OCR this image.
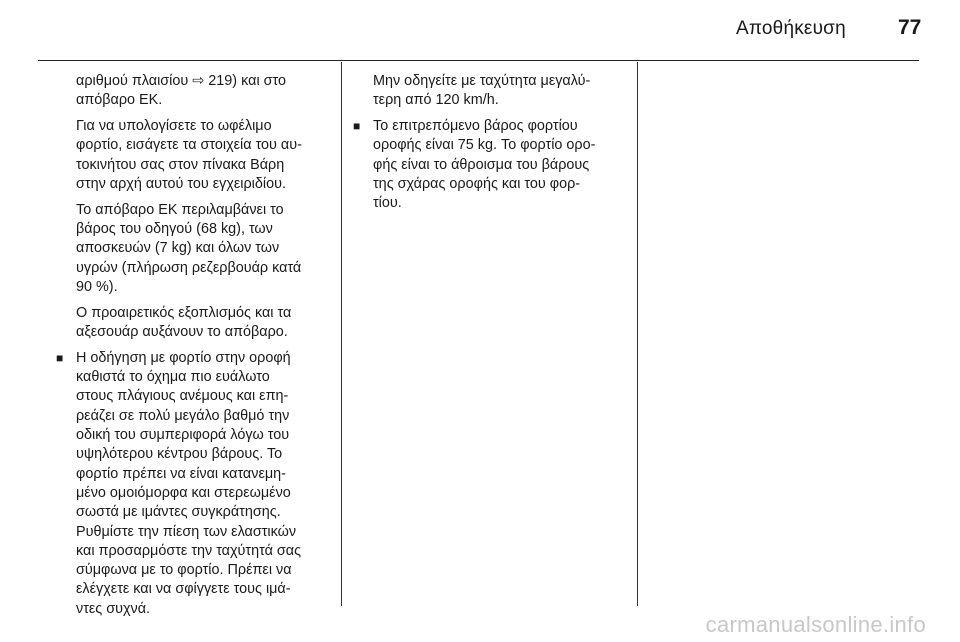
Αποθήκευση 77

αριθμού πλαισίου ⇨ 219) και στο
απόβαρο ΕΚ.

Για να υπολογίσετε το ωφέλιμο
φορτίο, εισάγετε τα στοιχεία του αυ-
τοκινήτου σας στον πίνακα Βάρη
στην αρχή αυτού του εγχειριδίου.

Το απόβαρο ΕΚ περιλαμβάνει το
βάρος του οδηγού (68 kg), των
αποσκευών (7 kg) και όλων των
υγρών (πλήρωση ρεζερβουάρ κατά
90 %).

Ο προαιρετικός εξοπλισμός και τα
αξεσουάρ αυξάνουν το απόβαρο.

■ Η οδήγηση με φορτίο στην οροφή
καθιστά το όχημα πιο ευάλωτο
στους πλάγιους ανέμους και επη-
ρεάζει σε πολύ μεγάλο βαθμό την
οδική του συμπεριφορά λόγω του
υψηλότερου κέντρου βάρους. Το
φορτίο πρέπει να είναι κατανεμη-
μένο ομοιόμορφα και στερεωμένο
σωστά με ιμάντες συγκράτησης.
Ρυθμίστε την πίεση των ελαστικών
και προσαρμόστε την ταχύτητά σας
σύμφωνα με το φορτίο. Πρέπει να
ελέγχετε και να σφίγγετε τους ιμά-
ντες συχνά.

Μην οδηγείτε με ταχύτητα μεγαλύ-
τερη από 120 km/h.

■ Το επιτρεπόμενο βάρος φορτίου
οροφής είναι 75 kg. Το φορτίο ορο-
φής είναι το άθροισμα του βάρους
της σχάρας οροφής και του φορ-
τίου.

carmanualsonline.info
